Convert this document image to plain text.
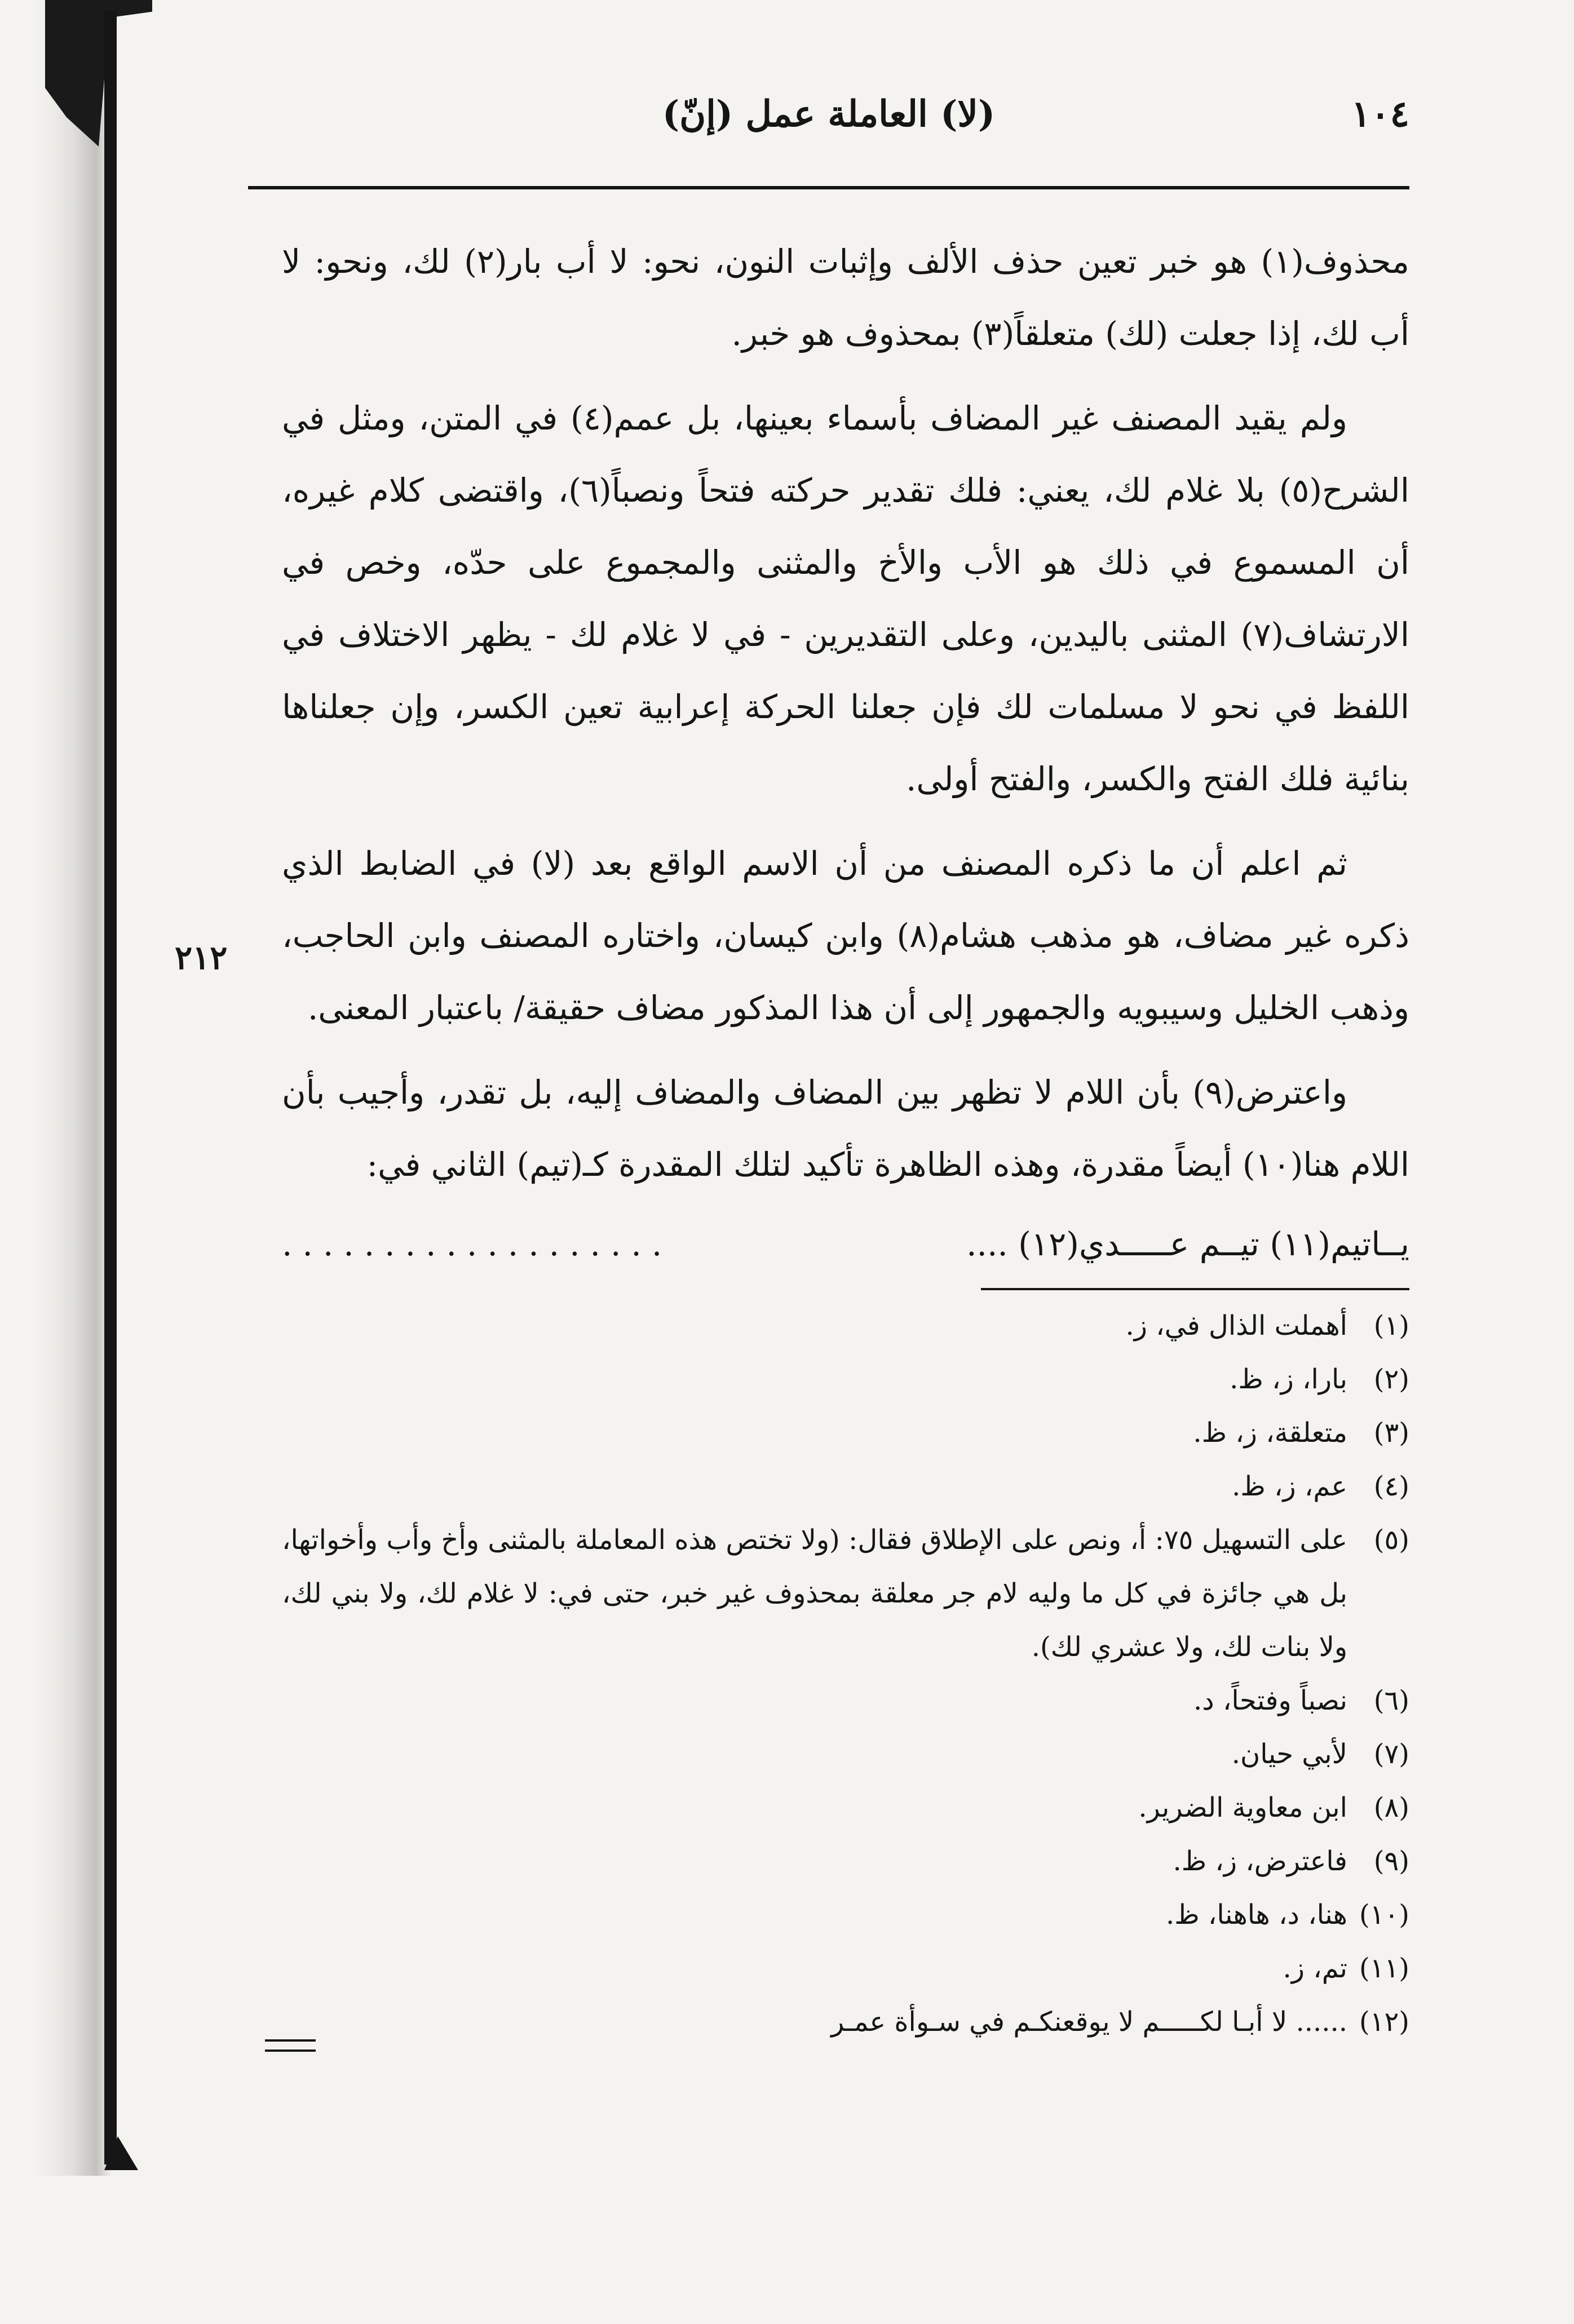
١٠٤
(لا) العاملة عمل (إنّ)
٢١٢

محذوف(١) هو خبر تعين حذف الألف وإثبات النون، نحو: لا أب بار(٢) لك، ونحو: لا أب لك، إذا جعلت (لك) متعلقاً(٣) بمحذوف هو خبر.

ولم يقيد المصنف غير المضاف بأسماء بعينها، بل عمم(٤) في المتن، ومثل في الشرح(٥) بلا غلام لك، يعني: فلك تقدير حركته فتحاً ونصباً(٦)، واقتضى كلام غيره، أن المسموع في ذلك هو الأب والأخ والمثنى والمجموع على حدّه، وخص في الارتشاف(٧) المثنى باليدين، وعلى التقديرين - في لا غلام لك - يظهر الاختلاف في اللفظ في نحو لا مسلمات لك فإن جعلنا الحركة إعرابية تعين الكسر، وإن جعلناها بنائية فلك الفتح والكسر، والفتح أولى.

ثم اعلم أن ما ذكره المصنف من أن الاسم الواقع بعد (لا) في الضابط الذي ذكره غير مضاف، هو مذهب هشام(٨) وابن كيسان، واختاره المصنف وابن الحاجب، وذهب الخليل وسيبويه والجمهور إلى أن هذا المذكور مضاف حقيقة/ باعتبار المعنى.

واعترض(٩) بأن اللام لا تظهر بين المضاف والمضاف إليه، بل تقدر، وأجيب بأن اللام هنا(١٠) أيضاً مقدرة، وهذه الظاهرة تأكيد لتلك المقدرة كـ(تيم) الثاني في:

يــاتيم(١١) تيــم عـــــدي(١٢) ....
...................

(١)
أهملت الذال في، ز.

(٢)
بارا، ز، ظ.

(٣)
متعلقة، ز، ظ.

(٤)
عم، ز، ظ.

(٥)
على التسهيل ٧٥: أ، ونص على الإطلاق فقال: (ولا تختص هذه المعاملة بالمثنى وأخ وأب وأخواتها، بل هي جائزة في كل ما وليه لام جر معلقة بمحذوف غير خبر، حتى في: لا غلام لك، ولا بني لك، ولا بنات لك، ولا عشري لك).

(٦)
نصباً وفتحاً، د.

(٧)
لأبي حيان.

(٨)
ابن معاوية الضرير.

(٩)
فاعترض، ز، ظ.

(١٠)
هنا، د، هاهنا، ظ.

(١١)
تم، ز.

(١٢)
...... لا أبـا لكـــــم لا يوقعنكـم في سـوأة عمـر
